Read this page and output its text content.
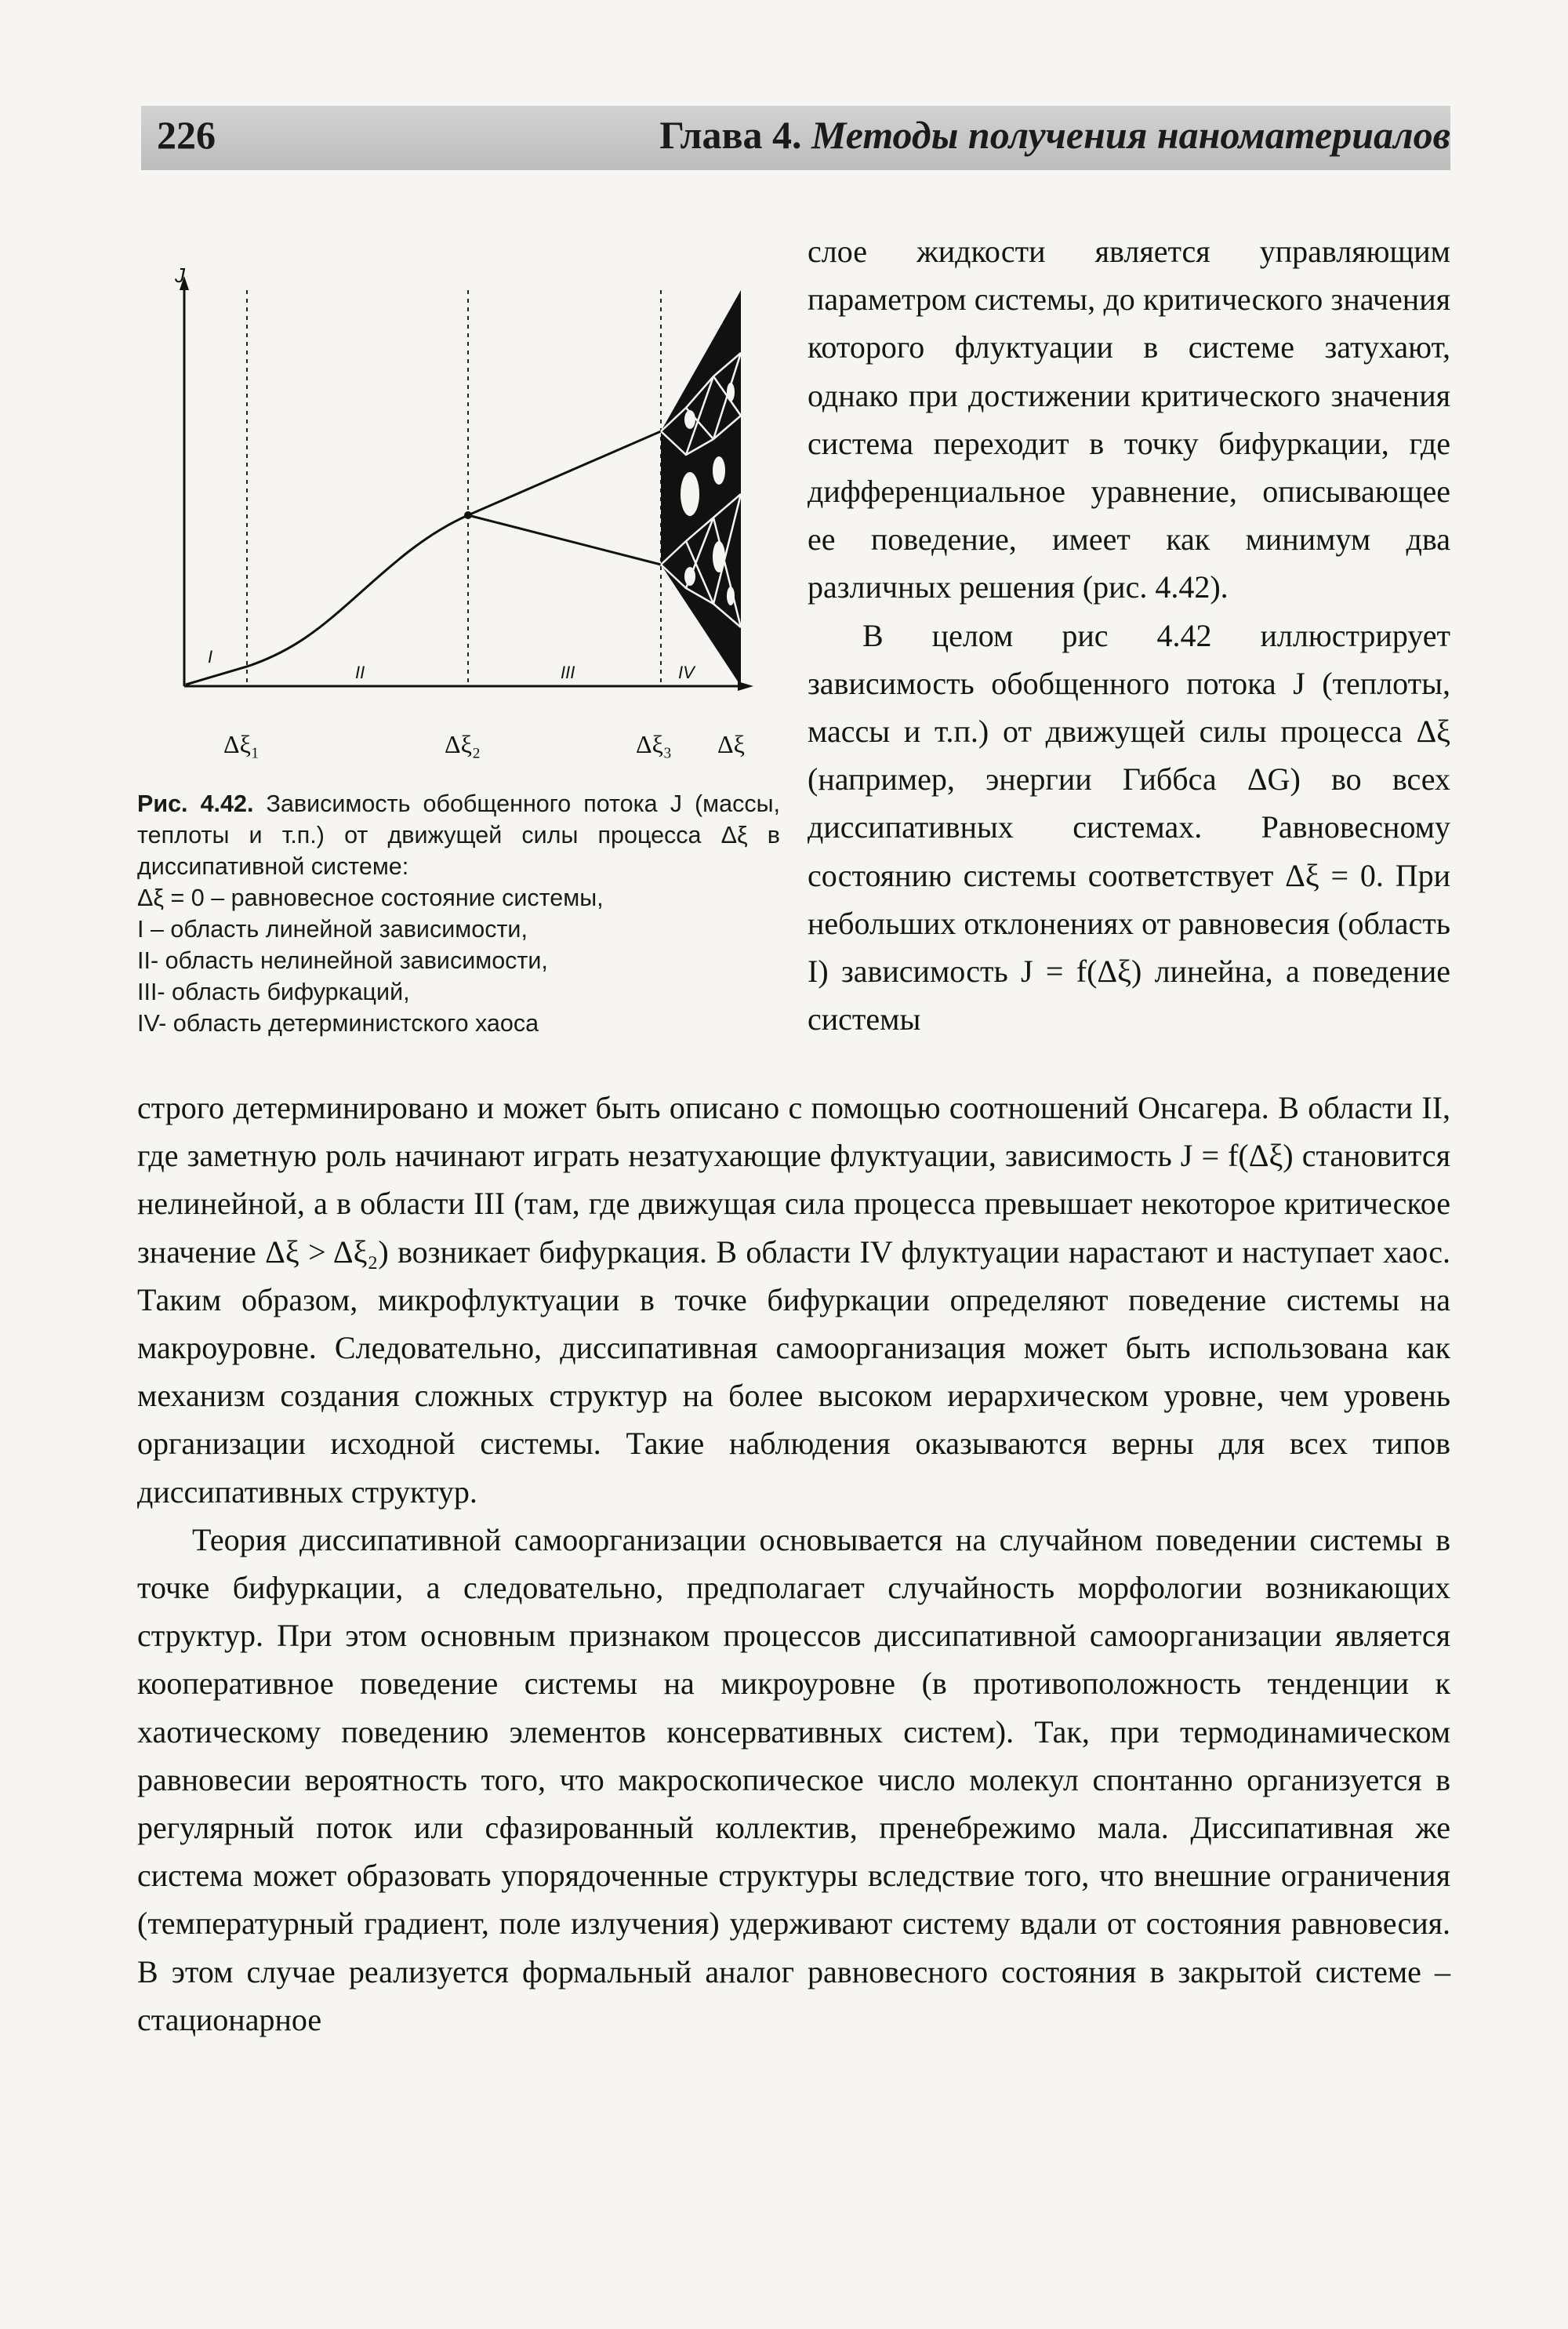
226	Глава 4. Методы получения наноматериалов
J
I
II	III	IV
Δξ₁	Δξ₂	Δξ₃ Δξ
Рис. 4.42. Зависимость обобщенного потока J (массы, теплоты и т.п.) от движущей силы процесса Δξ в диссипативной системе:
Δξ = 0 – равновесное состояние системы,
I – область линейной зависимости,
II- область нелинейной зависимости,
III- область бифуркаций,
IV- область детерминистского хаоса

слое жидкости является управляющим параметром системы, до критического значения которого флуктуации в системе затухают, однако при достижении критического значения система переходит в точку бифуркации, где дифференциальное уравнение, описывающее ее поведение, имеет как минимум два различных решения (рис. 4.42).

В целом рис 4.42 иллюстрирует зависимость обобщенного потока J (теплоты, массы и т.п.) от движущей силы процесса Δξ (например, энергии Гиббса ΔG) во всех диссипативных системах. Равновесному состоянию системы соответствует Δξ = 0. При небольших отклонениях от равновесия (область I) зависимость J = f(Δξ) линейна, а поведение системы

строго детерминировано и может быть описано с помощью соотношений Онсагера. В области II, где заметную роль начинают играть незатухающие флуктуации, зависимость J = f(Δξ) становится нелинейной, а в области III (там, где движущая сила процесса превышает некоторое критическое значение Δξ > Δξ₂) возникает бифуркация. В области IV флуктуации нарастают и наступает хаос. Таким образом, микрофлуктуации в точке бифуркации определяют поведение системы на макроуровне. Следовательно, диссипативная самоорганизация может быть использована как механизм создания сложных структур на более высоком иерархическом уровне, чем уровень организации исходной системы. Такие наблюдения оказываются верны для всех типов диссипативных структур.

Теория диссипативной самоорганизации основывается на случайном поведении системы в точке бифуркации, а следовательно, предполагает случайность морфологии возникающих структур. При этом основным признаком процессов диссипативной самоорганизации является кооперативное поведение системы на микроуровне (в противоположность тенденции к хаотическому поведению элементов консервативных систем). Так, при термодинамическом равновесии вероятность того, что макроскопическое число молекул спонтанно организуется в регулярный поток или сфазированный коллектив, пренебрежимо мала. Диссипативная же система может образовать упорядоченные структуры вследствие того, что внешние ограничения (температурный градиент, поле излучения) удерживают систему вдали от состояния равновесия. В этом случае реализуется формальный аналог равновесного состояния в закрытой системе – стационарное
